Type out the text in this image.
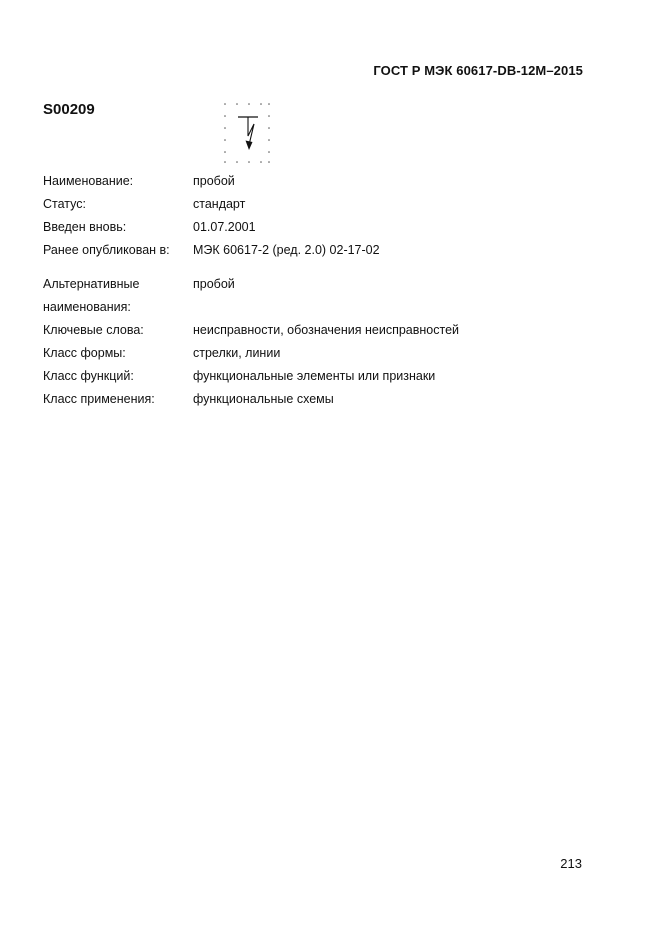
ГОСТ Р МЭК 60617-DB-12M–2015
S00209
Наименование:	пробой
Статус:	стандарт
Введен вновь:	01.07.2001
Ранее опубликован в: МЭК 60617-2 (ред. 2.0) 02-17-02
Альтернативные
наименования:
пробой
Ключевые слова:	неисправности, обозначения неисправностей
Класс формы:	стрелки, линии
Класс функций:	функциональные элементы или признаки
Класс применения:	функциональные схемы
213
